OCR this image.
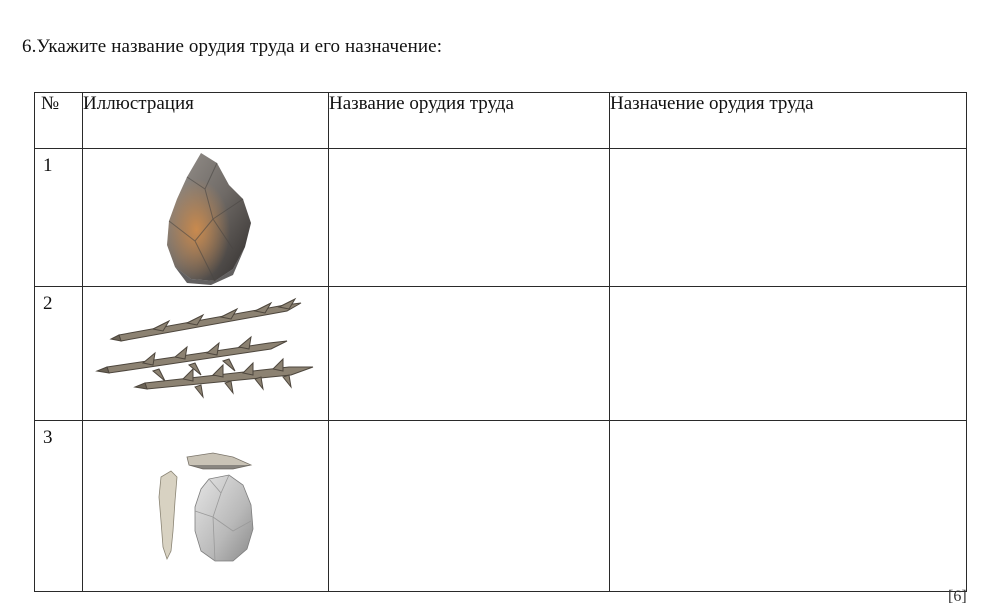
6.Укажите название орудия труда и его назначение:
№	Иллюстрация	Название орудия труда	Назначение орудия труда
1	

2	

3	

[6]
